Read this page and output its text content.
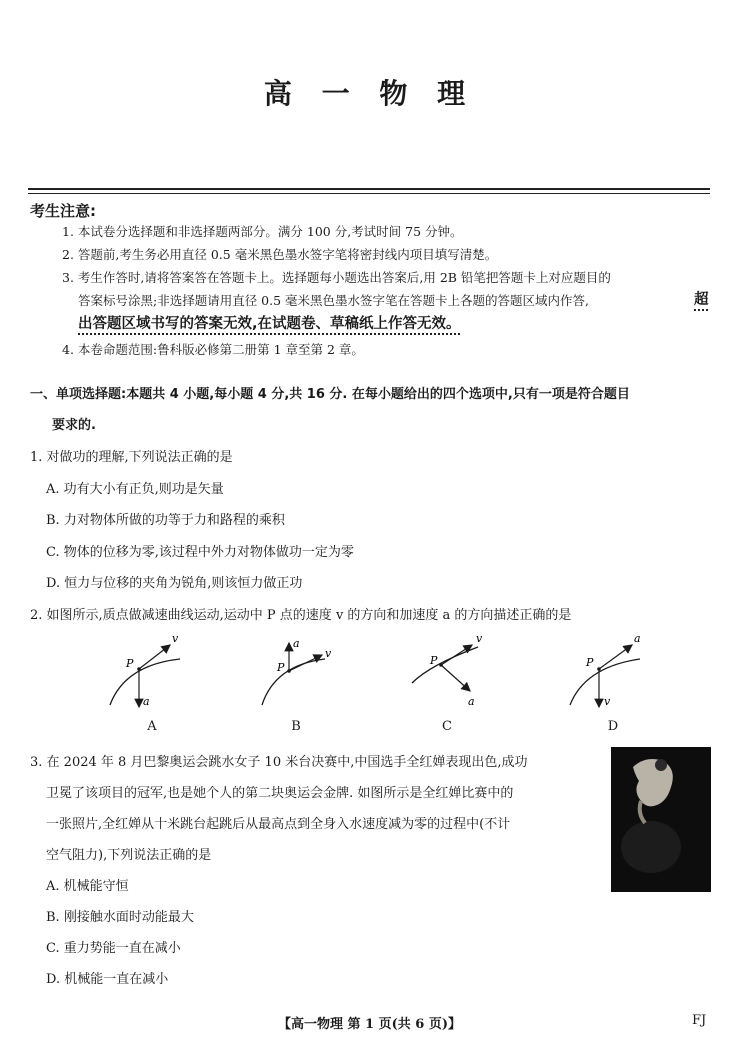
高 一 物 理
考生注意:
1. 本试卷分选择题和非选择题两部分。满分 100 分,考试时间 75 分钟。
2. 答题前,考生务必用直径 0.5 毫米黑色墨水签字笔将密封线内项目填写清楚。
3. 考生作答时,请将答案答在答题卡上。选择题每小题选出答案后,用 2B 铅笔把答题卡上对应题目的
答案标号涂黑;非选择题请用直径 0.5 毫米黑色墨水签字笔在答题卡上各题的答题区域内作答,	超
出答题区域书写的答案无效,在试题卷、草稿纸上作答无效。
4. 本卷命题范围:鲁科版必修第二册第 1 章至第 2 章。
一、单项选择题:本题共 4 小题,每小题 4 分,共 16 分. 在每小题给出的四个选项中,只有一项是符合题目
要求的.
1. 对做功的理解,下列说法正确的是
A. 功有大小有正负,则功是矢量
B. 力对物体所做的功等于力和路程的乘积
C. 物体的位移为零,该过程中外力对物体做功一定为零
D. 恒力与位移的夹角为锐角,则该恒力做正功
2. 如图所示,质点做减速曲线运动,运动中 P 点的速度 v 的方向和加速度 a 的方向描述正确的是
P
v
a
P
a
v
P
v
a
P
a
v
A	B	C	D
3. 在 2024 年 8 月巴黎奥运会跳水女子 10 米台决赛中,中国选手全红婵表现出色,成功
卫冕了该项目的冠军,也是她个人的第二块奥运会金牌. 如图所示是全红婵比赛中的
一张照片,全红婵从十米跳台起跳后从最高点到全身入水速度减为零的过程中(不计
空气阻力),下列说法正确的是
A. 机械能守恒
B. 刚接触水面时动能最大
C. 重力势能一直在减小
D. 机械能一直在减小
【高一物理 第 1 页(共 6 页)】	FJ
